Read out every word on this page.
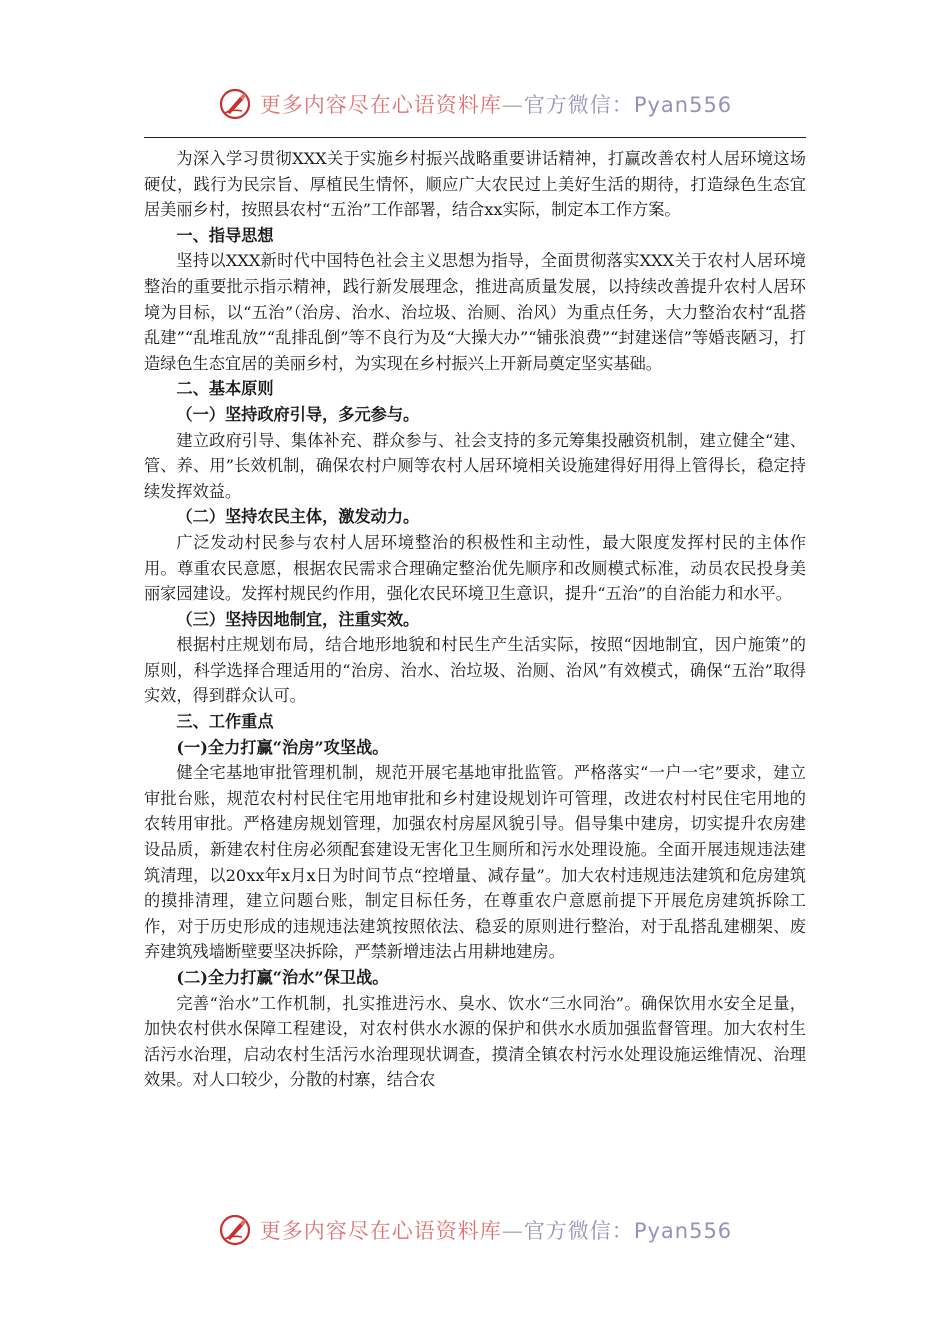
更多内容尽在心语资料库—官方微信：Pyan556

为深入学习贯彻XXX关于实施乡村振兴战略重要讲话精神，打赢改善农村人居环境这场硬仗，践行为民宗旨、厚植民生情怀，顺应广大农民过上美好生活的期待，打造绿色生态宜居美丽乡村，按照县农村“五治”工作部署，结合xx实际，制定本工作方案。

一、指导思想

坚持以XXX新时代中国特色社会主义思想为指导，全面贯彻落实XXX关于农村人居环境整治的重要批示指示精神，践行新发展理念，推进高质量发展，以持续改善提升农村人居环境为目标，以“五治”（治房、治水、治垃圾、治厕、治风）为重点任务，大力整治农村“乱搭乱建”“乱堆乱放”“乱排乱倒”等不良行为及“大操大办”“铺张浪费”“封建迷信”等婚丧陋习，打造绿色生态宜居的美丽乡村，为实现在乡村振兴上开新局奠定坚实基础。

二、基本原则
（一）坚持政府引导，多元参与。

建立政府引导、集体补充、群众参与、社会支持的多元筹集投融资机制，建立健全“建、管、养、用”长效机制，确保农村户厕等农村人居环境相关设施建得好用得上管得长，稳定持续发挥效益。

（二）坚持农民主体，激发动力。

广泛发动村民参与农村人居环境整治的积极性和主动性，最大限度发挥村民的主体作用。尊重农民意愿，根据农民需求合理确定整治优先顺序和改厕模式标准，动员农民投身美丽家园建设。发挥村规民约作用，强化农民环境卫生意识，提升“五治”的自治能力和水平。

（三）坚持因地制宜，注重实效。

根据村庄规划布局，结合地形地貌和村民生产生活实际，按照“因地制宜，因户施策”的原则，科学选择合理适用的“治房、治水、治垃圾、治厕、治风”有效模式，确保“五治”取得实效，得到群众认可。

三、工作重点
(一)全力打赢“治房”攻坚战。

健全宅基地审批管理机制，规范开展宅基地审批监管。严格落实“一户一宅”要求，建立审批台账，规范农村村民住宅用地审批和乡村建设规划许可管理，改进农村村民住宅用地的农转用审批。严格建房规划管理，加强农村房屋风貌引导。倡导集中建房，切实提升农房建设品质，新建农村住房必须配套建设无害化卫生厕所和污水处理设施。全面开展违规违法建筑清理，以20xx年x月x日为时间节点“控增量、减存量”。加大农村违规违法建筑和危房建筑的摸排清理，建立问题台账，制定目标任务，在尊重农户意愿前提下开展危房建筑拆除工作，对于历史形成的违规违法建筑按照依法、稳妥的原则进行整治，对于乱搭乱建棚架、废弃建筑残墙断壁要坚决拆除，严禁新增违法占用耕地建房。

(二)全力打赢“治水”保卫战。

完善“治水”工作机制，扎实推进污水、臭水、饮水“三水同治”。确保饮用水安全足量，加快农村供水保障工程建设，对农村供水水源的保护和供水水质加强监督管理。加大农村生活污水治理，启动农村生活污水治理现状调查，摸清全镇农村污水处理设施运维情况、治理效果。对人口较少，分散的村寨，结合农

更多内容尽在心语资料库—官方微信：Pyan556
